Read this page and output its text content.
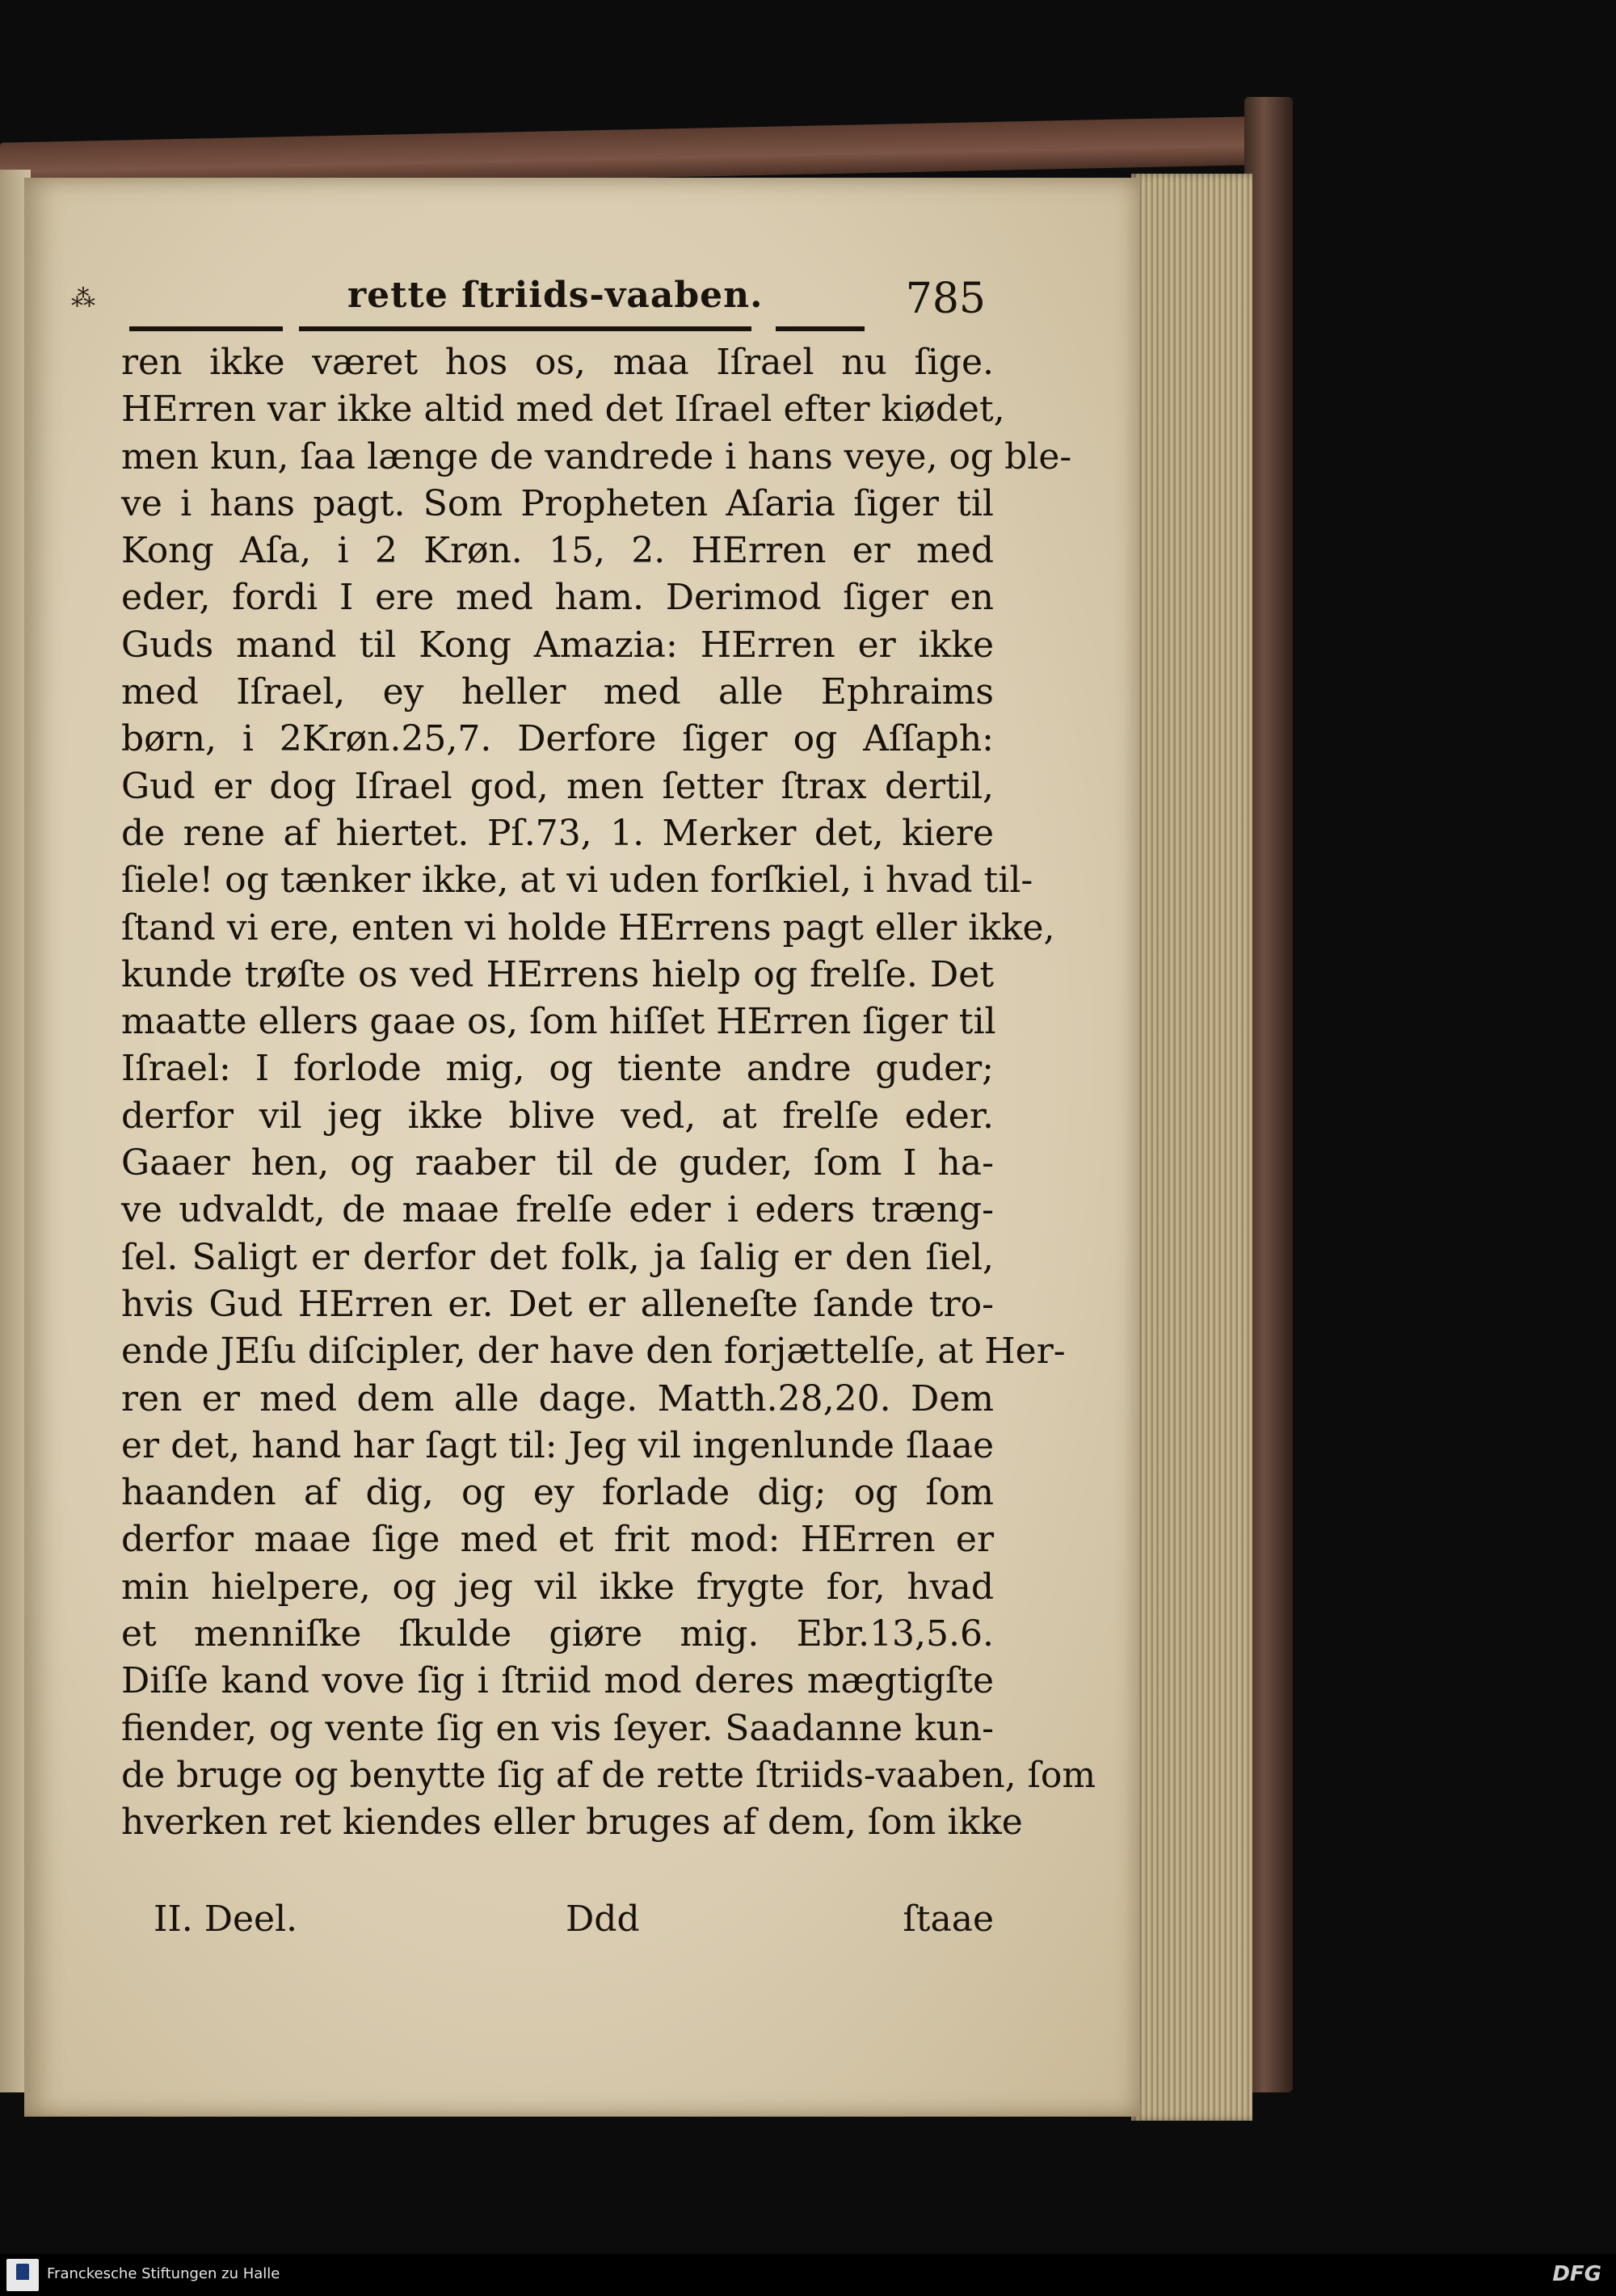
⁂	rette ſtriids-vaaben.	785
ren ikke været hos os, maa Iſrael nu ſige.
HErren var ikke altid med det Iſrael efter kiødet,
men kun, ſaa længe de vandrede i hans veye, og ble-
ve i hans pagt. Som Propheten Aſaria ſiger til
Kong Aſa, i 2 Krøn. 15, 2. HErren er med
eder, fordi I ere med ham. Derimod ſiger en
Guds mand til Kong Amazia: HErren er ikke
med Iſrael, ey heller med alle Ephraims
børn, i 2Krøn.25,7. Derfore ſiger og Aſſaph:
Gud er dog Iſrael god, men ſetter ſtrax dertil,
de rene af hiertet. Pſ.73, 1. Merker det, kiere
ſiele! og tænker ikke, at vi uden forſkiel, i hvad til-
ſtand vi ere, enten vi holde HErrens pagt eller ikke,
kunde trøſte os ved HErrens hielp og frelſe. Det
maatte ellers gaae os, ſom hiſſet HErren ſiger til
Iſrael: I forlode mig, og tiente andre guder;
derfor vil jeg ikke blive ved, at frelſe eder.
Gaaer hen, og raaber til de guder, ſom I ha-
ve udvaldt, de maae frelſe eder i eders træng-
ſel. Saligt er derfor det folk, ja ſalig er den ſiel,
hvis Gud HErren er. Det er alleneſte ſande tro-
ende JEſu diſcipler, der have den forjættelſe, at Her-
ren er med dem alle dage. Matth.28,20. Dem
er det, hand har ſagt til: Jeg vil ingenlunde ſlaae
haanden af dig, og ey forlade dig; og ſom
derfor maae ſige med et frit mod: HErren er
min hielpere, og jeg vil ikke frygte for, hvad
et menniſke ſkulde giøre mig. Ebr.13,5.6.
Diſſe kand vove ſig i ſtriid mod deres mægtigſte
fiender, og vente ſig en vis ſeyer. Saadanne kun-
de bruge og benytte ſig af de rette ſtriids-vaaben, ſom
hverken ret kiendes eller bruges af dem, ſom ikke
II. Deel.	Ddd	ſtaae
Franckesche Stiftungen zu Halle	DFG
